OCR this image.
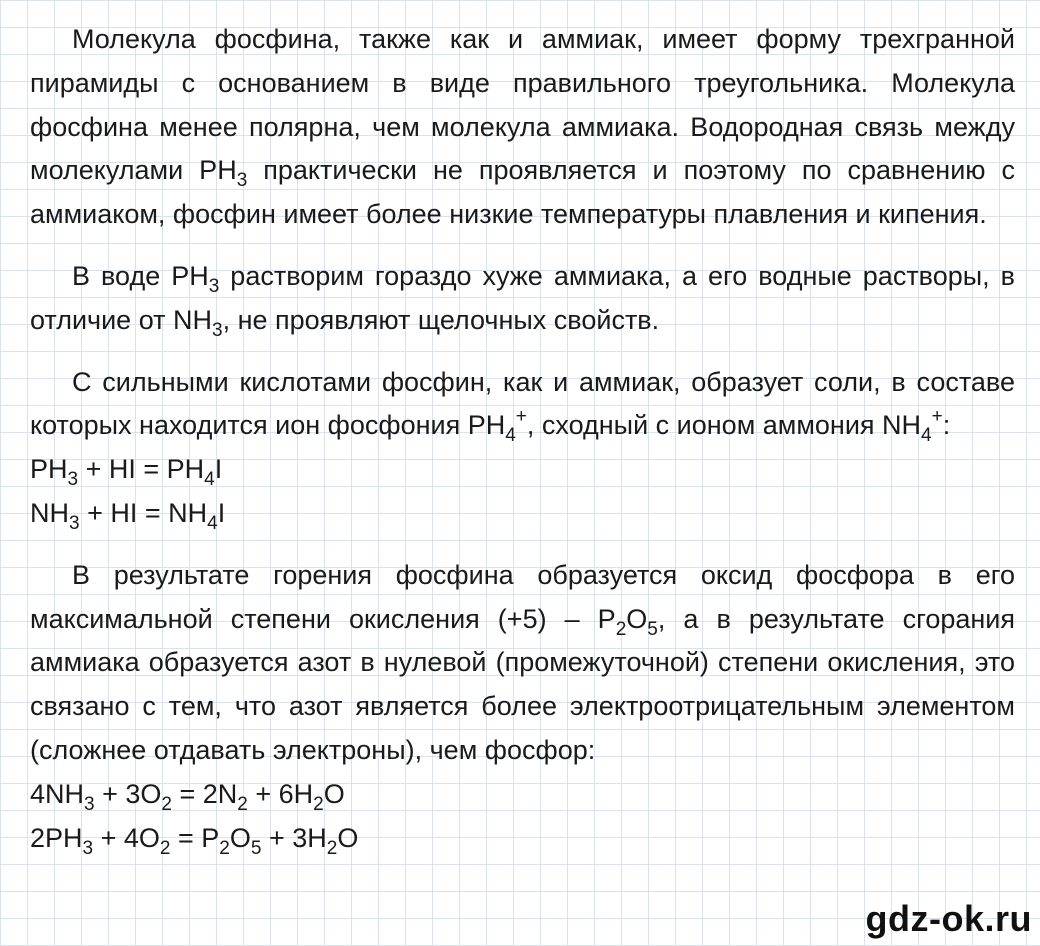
Молекула фосфина, также как и аммиак, имеет форму трехгранной пирамиды с основанием в виде правильного треугольника. Молекула фосфина менее полярна, чем молекула аммиака. Водородная связь между молекулами $PH_3$ практически не проявляется и поэтому по сравнению с аммиаком, фосфин имеет более низкие температуры плавления и кипения.

В воде $PH_3$ растворим гораздо хуже аммиака, а его водные растворы, в отличие от $NH_3$, не проявляют щелочных свойств.

С сильными кислотами фосфин, как и аммиак, образует соли, в составе которых находится ион фосфония $PH_4^+$, сходный с ионом аммония $NH_4^+$:

$PH_3$ + HI = $PH_4I$

$NH_3$ + HI = $NH_4I$

В результате горения фосфина образуется оксид фосфора в его максимальной степени окисления $(+5) - P_2O_5$, а в результате сгорания аммиака образуется азот в нулевой (промежуточной) степени окисления, это связано с тем, что азот является более электроотрицательным элементом (сложнее отдавать электроны), чем фосфор:

$4NH_3 + 3O_2 = 2N_2 + 6H_2O$

$2PH_3 + 4O_2 = P_2O_5 + 3H_2O$

gdz-ok.ru
